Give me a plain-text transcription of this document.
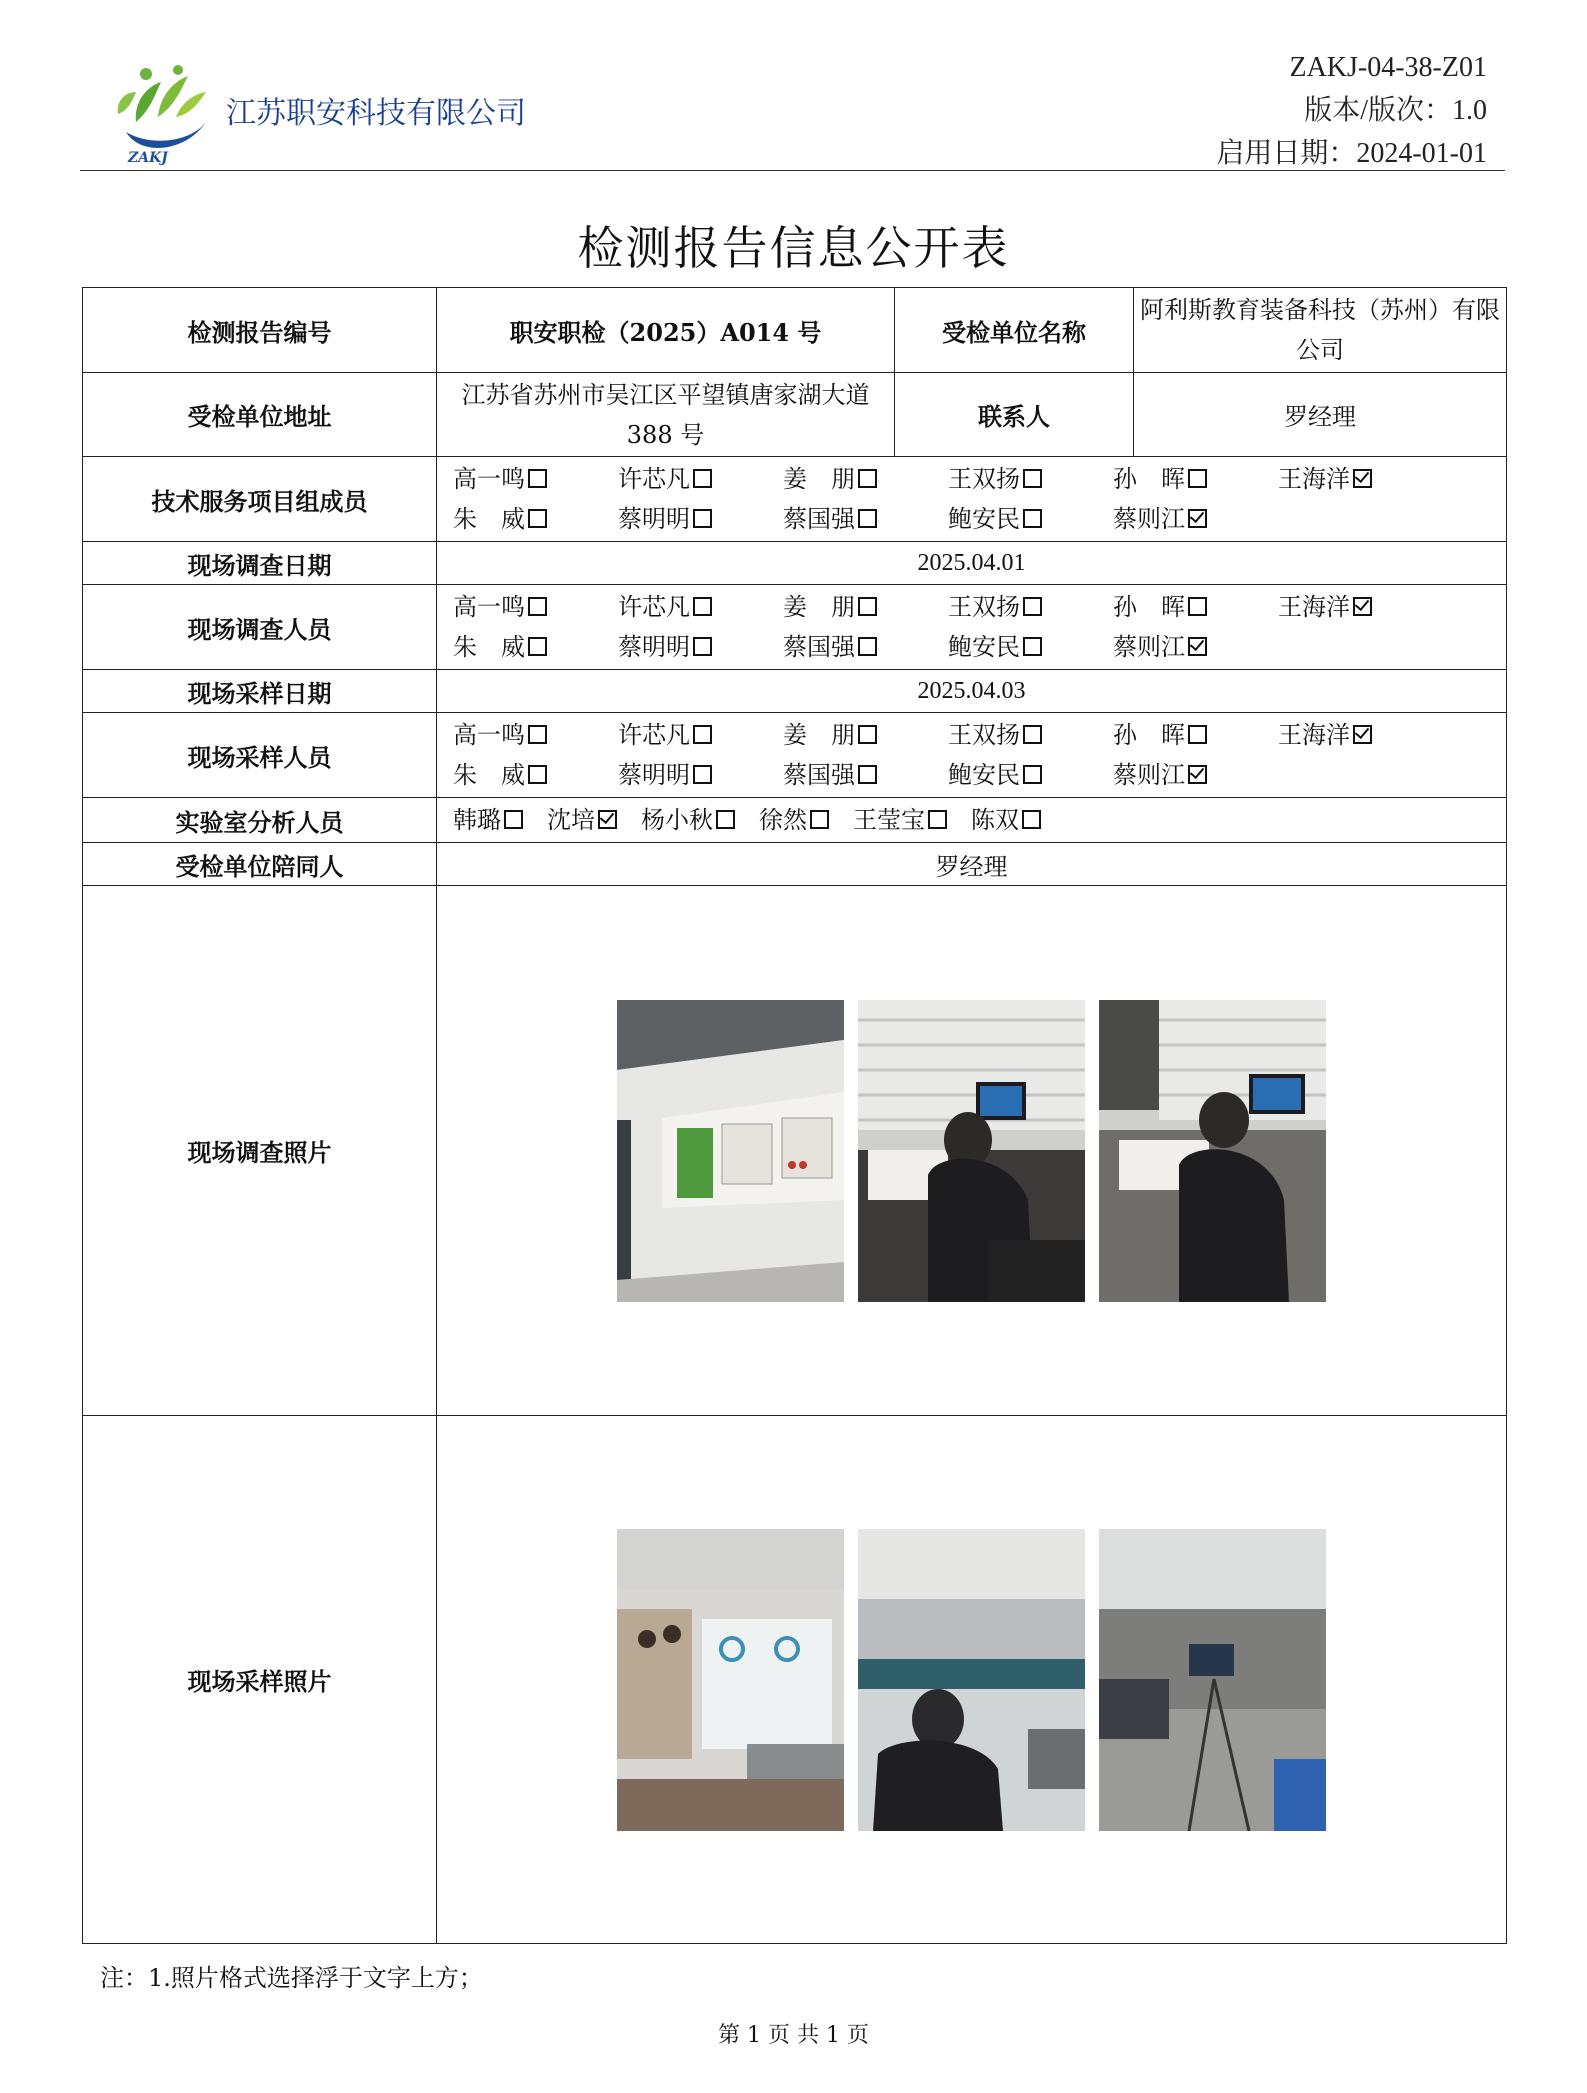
ZAKJ
江苏职安科技有限公司
ZAKJ-04-38-Z01
版本/版次：1.0
启用日期：2024-01-01
检测报告信息公开表
检测报告编号	职安职检（2025）A014 号	受检单位名称	阿利斯教育装备科技（苏州）有限公司

受检单位地址	江苏省苏州市吴江区平望镇唐家湖大道 388 号	联系人	罗经理
技术服务项目组成员	高一鸣 许芯凡 姜　朋 王双扬 孙　晖 王海洋
朱　威 蔡明明 蔡国强 鲍安民 蔡则江		

现场调查日期	2025.04.01		
现场调查人员	高一鸣 许芯凡 姜　朋 王双扬 孙　晖 王海洋
朱　威 蔡明明 蔡国强 鲍安民 蔡则江		

现场采样日期	2025.04.03		
现场采样人员	高一鸣 许芯凡 姜　朋 王双扬 孙　晖 王海洋
朱　威 蔡明明 蔡国强 鲍安民 蔡则江		

实验室分析人员	韩璐 沈培 杨小秋 徐然 王莹宝 陈双		

受检单位陪同人	罗经理		
现场调查照片	

现场采样照片	
注：1.照片格式选择浮于文字上方；
第 1 页 共 1 页
